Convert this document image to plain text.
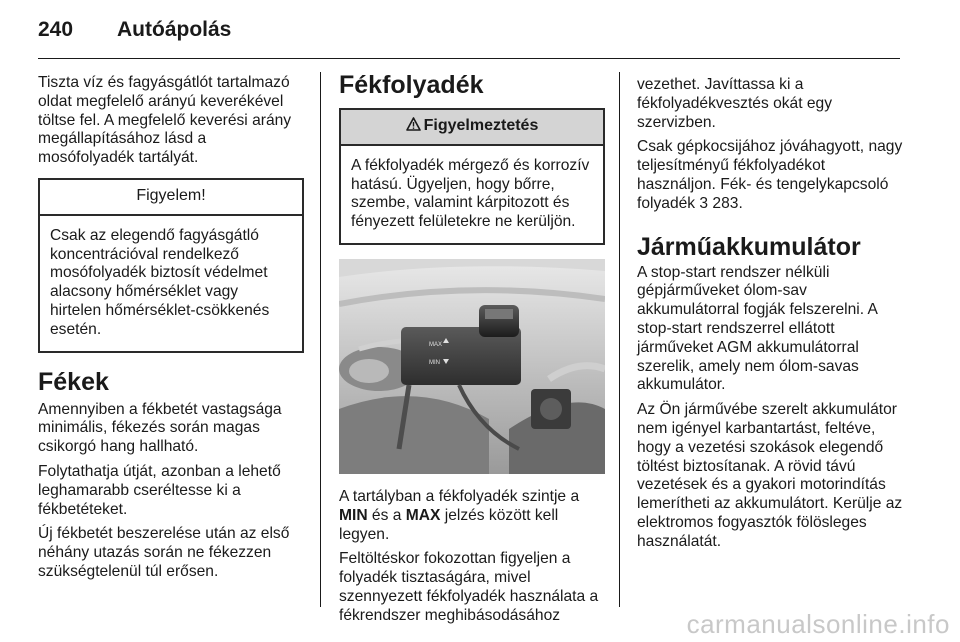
240 Autóápolás

Tiszta víz és fagyásgátlót tartalmazó oldat megfelelő arányú keverékével töltse fel. A megfelelő keverési arány megállapításához lásd a mosófolyadék tartályát.

Figyelem!
Csak az elegendő fagyásgátló koncentrációval rendelkező mosófolyadék biztosít védelmet alacsony hőmérséklet vagy hirtelen hőmérséklet-csökkenés esetén.
Fékek

Amennyiben a fékbetét vastagsága minimális, fékezés során magas csikorgó hang hallható.

Folytathatja útját, azonban a lehető leghamarabb cseréltesse ki a fékbetéteket.

Új fékbetét beszerelése után az első néhány utazás során ne fékezzen szükségtelenül túl erősen.

Fékfolyadék
Figyelmeztetés
A fékfolyadék mérgező és korrozív hatású. Ügyeljen, hogy bőrre, szembe, valamint kárpitozott és fényezett felületekre ne kerüljön.
MAX
MIN

A tartályban a fékfolyadék szintje a MIN és a MAX jelzés között kell legyen.

Feltöltéskor fokozottan figyeljen a folyadék tisztaságára, mivel szennyezett fékfolyadék használata a fékrendszer meghibásodásához

vezethet. Javíttassa ki a fékfolyadékvesztés okát egy szervizben.

Csak gépkocsijához jóváhagyott, nagy teljesítményű fékfolyadékot használjon. Fék- és tengelykapcsoló folyadék 3 283.

Járműakkumulátor

A stop-start rendszer nélküli gépjárműveket ólom-sav akkumulátorral fogják felszerelni. A stop-start rendszerrel ellátott járműveket AGM akkumulátorral szerelik, amely nem ólom-savas akkumulátor.

Az Ön járművébe szerelt akkumulátor nem igényel karbantartást, feltéve, hogy a vezetési szokások elegendő töltést biztosítanak. A rövid távú vezetések és a gyakori motorindítás lemerítheti az akkumulátort. Kerülje az elektromos fogyasztók fölösleges használatát.

carmanualsonline.info
